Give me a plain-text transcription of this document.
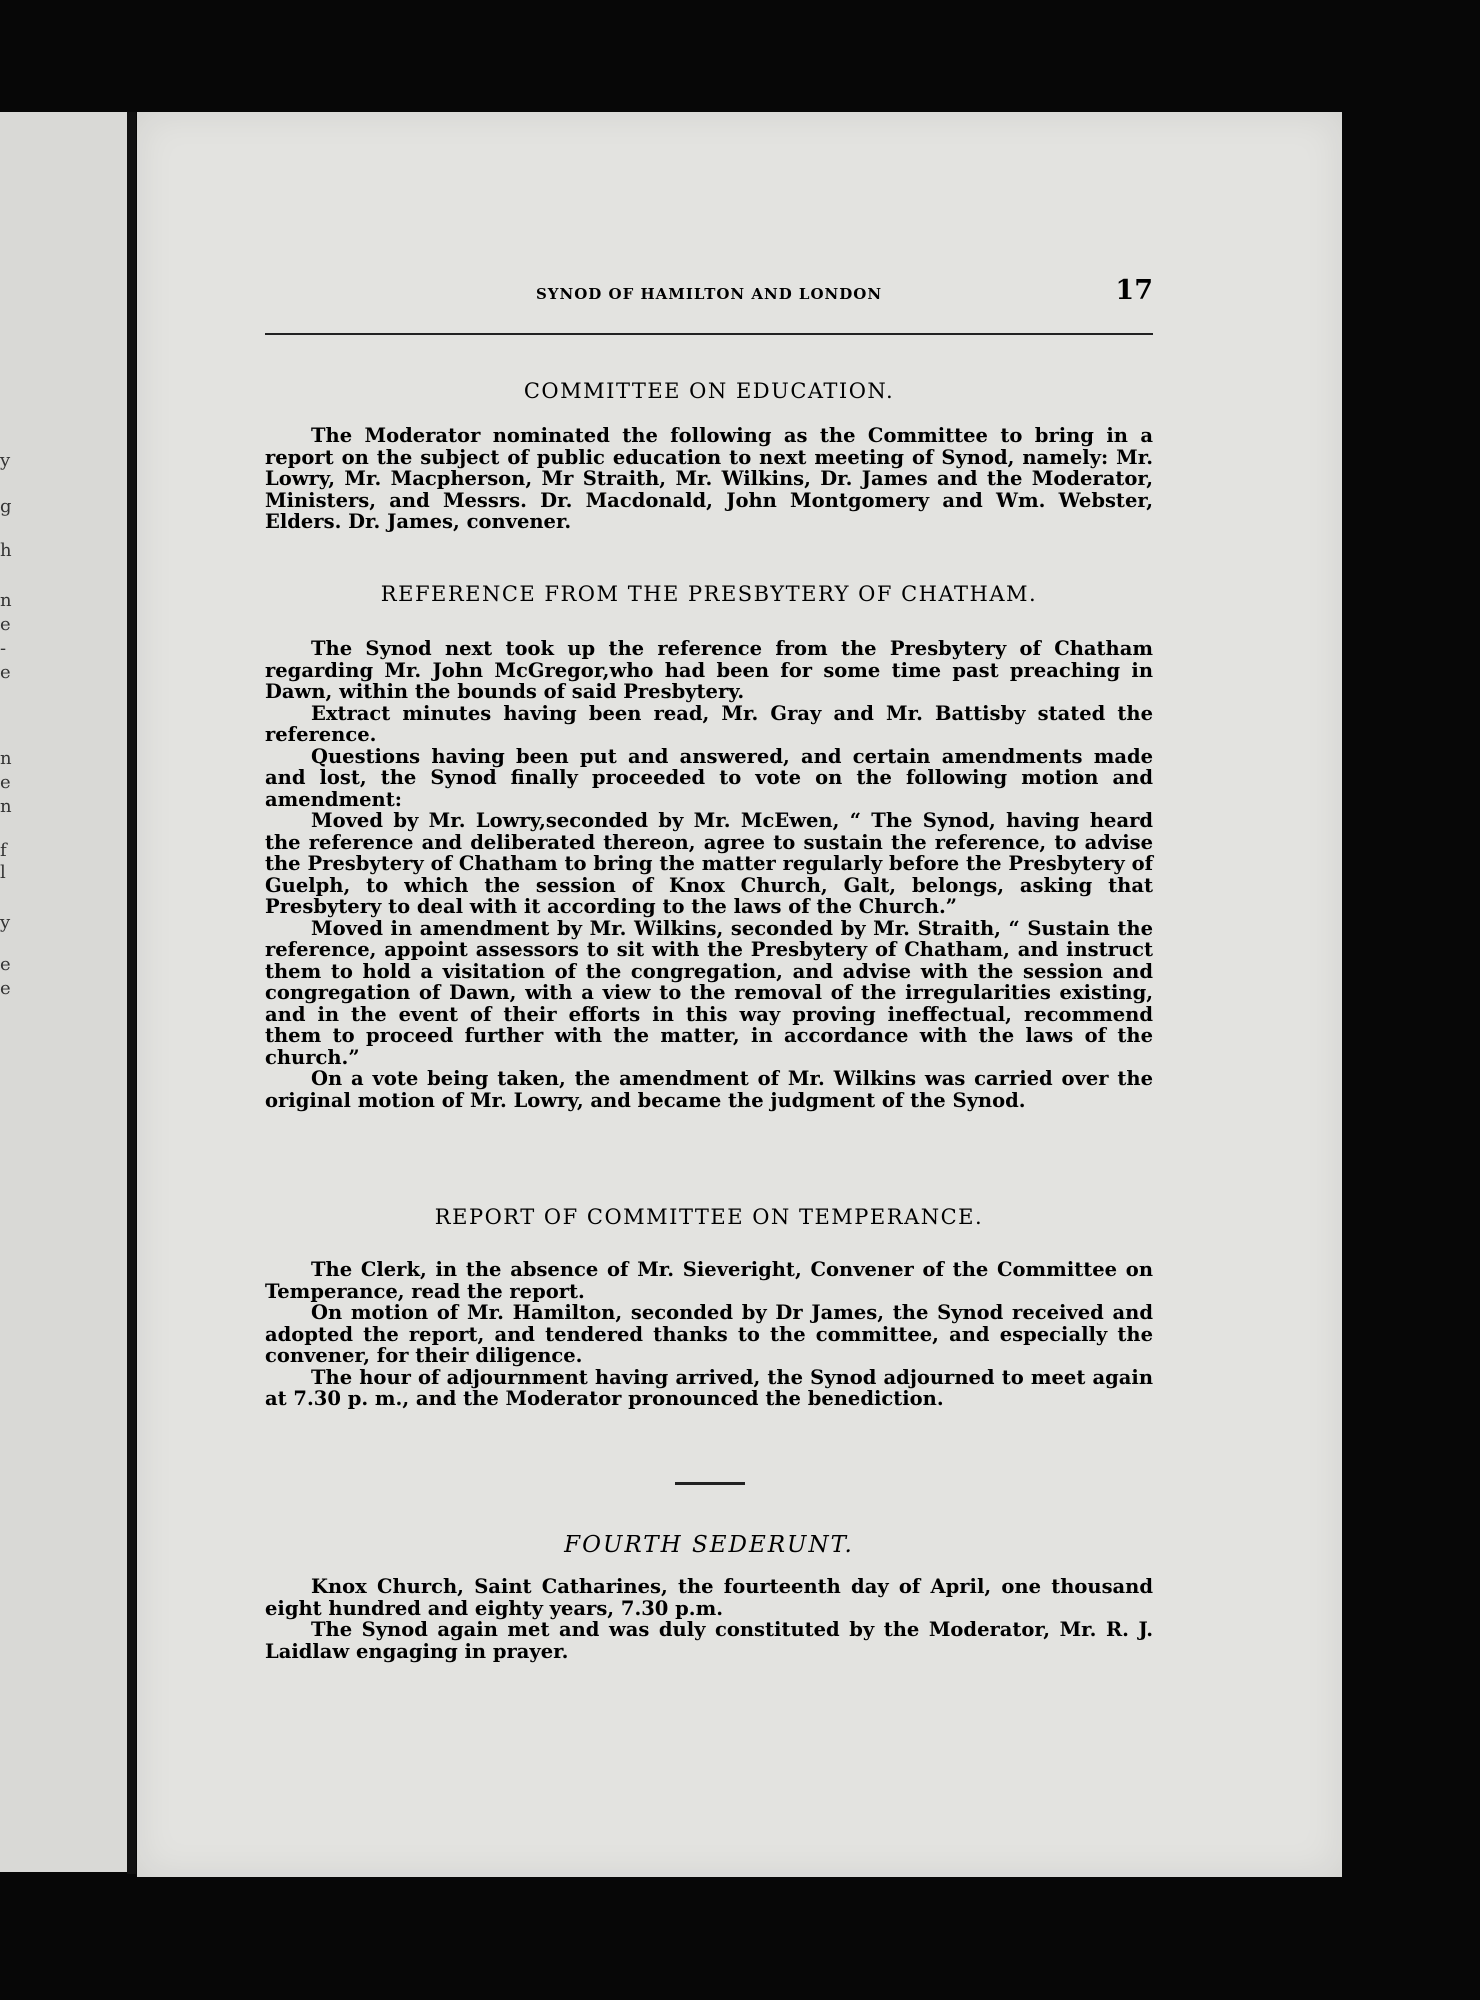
y
g
h
n
e
-
e
n
e
n
f
l
y
e
e
SYNOD OF HAMILTON AND LONDON	17
COMMITTEE ON EDUCATION.

The Moderator nominated the following as the Committee to bring in a report on the subject of public education to next meeting of Synod, namely: Mr. Lowry, Mr. Macpherson, Mr Straith, Mr. Wilkins, Dr. James and the Moderator, Ministers, and Messrs. Dr. Macdonald, John Montgomery and Wm. Webster, Elders. Dr. James, convener.

REFERENCE FROM THE PRESBYTERY OF CHATHAM.

The Synod next took up the reference from the Presbytery of Chatham regarding Mr. John McGregor,who had been for some time past preaching in Dawn, within the bounds of said Presbytery.

Extract minutes having been read, Mr. Gray and Mr. Battisby stated the reference.

Questions having been put and answered, and certain amendments made and lost, the Synod finally proceeded to vote on the following motion and amendment:

Moved by Mr. Lowry,seconded by Mr. McEwen, “ The Synod, having heard the reference and deliberated thereon, agree to sustain the reference, to advise the Presbytery of Chatham to bring the matter regularly before the Presbytery of Guelph, to which the session of Knox Church, Galt, belongs, asking that Presbytery to deal with it according to the laws of the Church.”

Moved in amendment by Mr. Wilkins, seconded by Mr. Straith, “ Sustain the reference, appoint assessors to sit with the Presbytery of Chatham, and instruct them to hold a visitation of the congregation, and advise with the session and congregation of Dawn, with a view to the removal of the irregularities existing, and in the event of their efforts in this way proving ineffectual, recommend them to proceed further with the matter, in accordance with the laws of the church.”

On a vote being taken, the amendment of Mr. Wilkins was carried over the original motion of Mr. Lowry, and became the judgment of the Synod.

REPORT OF COMMITTEE ON TEMPERANCE.

The Clerk, in the absence of Mr. Sieveright, Convener of the Committee on Temperance, read the report.

On motion of Mr. Hamilton, seconded by Dr James, the Synod received and adopted the report, and tendered thanks to the committee, and especially the convener, for their diligence.

The hour of adjournment having arrived, the Synod adjourned to meet again at 7.30 p. m., and the Moderator pronounced the benediction.

FOURTH SEDERUNT.

Knox Church, Saint Catharines, the fourteenth day of April, one thousand eight hundred and eighty years, 7.30 p.m.

The Synod again met and was duly constituted by the Moderator, Mr. R. J. Laidlaw engaging in prayer.
